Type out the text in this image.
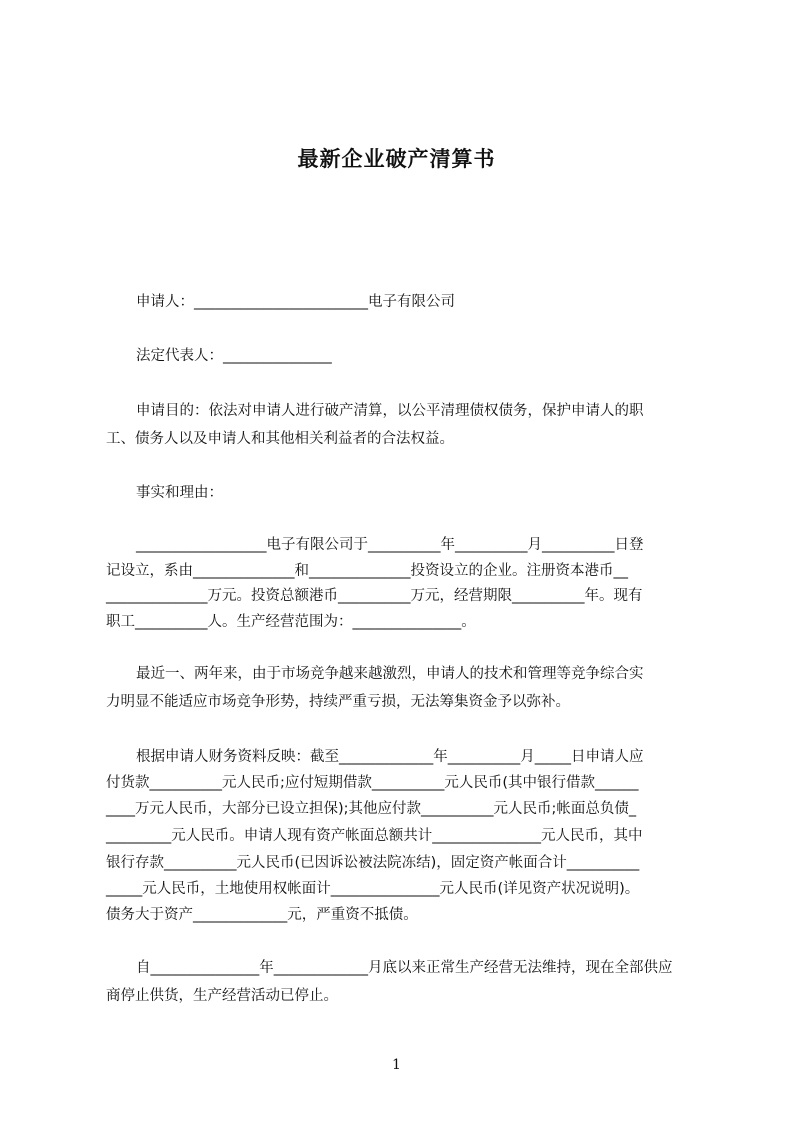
最新企业破产清算书
申请人：________________________电子有限公司
法定代表人：_______________
申请目的：依法对申请人进行破产清算，以公平清理债权债务，保护申请人的职
工、债务人以及申请人和其他相关利益者的合法权益。
事实和理由：
__________________电子有限公司于__________年__________月__________日登
记设立，系由______________和______________投资设立的企业。注册资本港币__
______________万元。投资总额港币__________万元，经营期限__________年。现有
职工__________人。生产经营范围为：_______________。
最近一、两年来，由于市场竞争越来越激烈，申请人的技术和管理等竞争综合实
力明显不能适应市场竞争形势，持续严重亏损，无法筹集资金予以弥补。
根据申请人财务资料反映：截至_____________年__________月_____日申请人应
付货款__________元人民币;应付短期借款__________元人民币(其中银行借款______
____万元人民币，大部分已设立担保);其他应付款__________元人民币;帐面总负债_
_________元人民币。申请人现有资产帐面总额共计_______________元人民币，其中
银行存款__________元人民币(已因诉讼被法院冻结)，固定资产帐面合计__________
_____元人民币，土地使用权帐面计_______________元人民币(详见资产状况说明)。
债务大于资产_____________元，严重资不抵债。
自_______________年_____________月底以来正常生产经营无法维持，现在全部供应
商停止供货，生产经营活动已停止。
1
